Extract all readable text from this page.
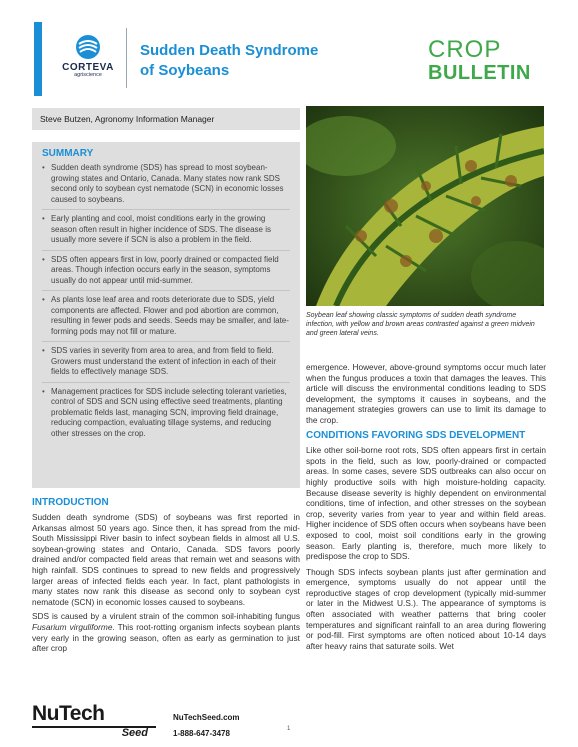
CORTEVA
agriscience
Sudden Death Syndrome
of Soybeans
CROP
BULLETIN
Steve Butzen, Agronomy Information Manager
SUMMARY
• Sudden death syndrome (SDS) has spread to most soybean-growing states and Ontario, Canada. Many states now rank SDS second only to soybean cyst nematode (SCN) in economic losses caused to soybeans.
• Early planting and cool, moist conditions early in the growing season often result in higher incidence of SDS. The disease is usually more severe if SCN is also a problem in the field.
• SDS often appears first in low, poorly drained or compacted field areas. Though infection occurs early in the season, symptoms usually do not appear until mid-summer.
• As plants lose leaf area and roots deteriorate due to SDS, yield components are affected. Flower and pod abortion are common, resulting in fewer pods and seeds. Seeds may be smaller, and late-forming pods may not fill or mature.
• SDS varies in severity from area to area, and from field to field. Growers must understand the extent of infection in each of their fields to effectively manage SDS.
• Management practices for SDS include selecting tolerant varieties, control of SDS and SCN using effective seed treatments, planting problematic fields last, managing SCN, improving field drainage, reducing compaction, evaluating tillage systems, and reducing other stresses on the crop.
INTRODUCTION

Sudden death syndrome (SDS) of soybeans was first reported in Arkansas almost 50 years ago. Since then, it has spread from the mid-South Mississippi River basin to infect soybean fields in almost all U.S. soybean-growing states and Ontario, Canada. SDS favors poorly drained and/or compacted field areas that remain wet and seasons with high rainfall. SDS continues to spread to new fields and progressively larger areas of infected fields each year. In fact, plant pathologists in many states now rank this disease as second only to soybean cyst nematode (SCN) in economic losses caused to soybeans.

SDS is caused by a virulent strain of the common soil-inhabiting fungus Fusarium virguliforme. This root-rotting organism infects soybean plants very early in the growing season, often as early as germination to just after crop

Soybean leaf showing classic symptoms of sudden death syndrome infection, with yellow and brown areas contrasted against a green midvein and green lateral veins.

emergence. However, above-ground symptoms occur much later when the fungus produces a toxin that damages the leaves. This article will discuss the environmental conditions leading to SDS development, the symptoms it causes in soybeans, and the management strategies growers can use to limit its damage to the crop.

CONDITIONS FAVORING SDS DEVELOPMENT

Like other soil-borne root rots, SDS often appears first in certain spots in the field, such as low, poorly-drained or compacted areas. In some cases, severe SDS outbreaks can also occur on highly productive soils with high moisture-holding capacity. Because disease severity is highly dependent on environmental conditions, time of infection, and other stresses on the soybean crop, severity varies from year to year and within field areas. Higher incidence of SDS often occurs when soybeans have been exposed to cool, moist soil conditions early in the growing season. Early planting is, therefore, much more likely to predispose the crop to SDS.

Though SDS infects soybean plants just after germination and emergence, symptoms usually do not appear until the reproductive stages of crop development (typically mid-summer or later in the Midwest U.S.). The appearance of symptoms is often associated with weather patterns that bring cooler temperatures and significant rainfall to an area during flowering or pod-fill. First symptoms are often noticed about 10-14 days after heavy rains that saturate soils. Wet

NuTech
Seed
NuTechSeed.com
1-888-647-3478	1
